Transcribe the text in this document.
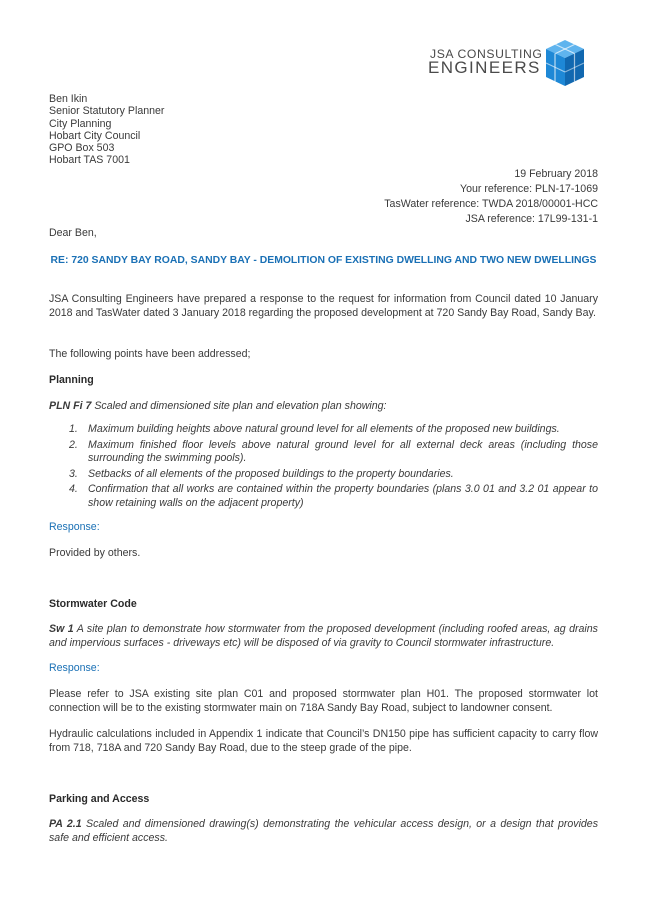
JSA CONSULTING
ENGINEERS
Ben Ikin
Senior Statutory Planner
City Planning
Hobart City Council
GPO Box 503
Hobart TAS 7001
19 February 2018
Your reference: PLN-17-1069
TasWater reference: TWDA 2018/00001-HCC
JSA reference: 17L99-131-1
Dear Ben,
RE: 720 SANDY BAY ROAD, SANDY BAY - DEMOLITION OF EXISTING DWELLING AND TWO NEW DWELLINGS
JSA Consulting Engineers have prepared a response to the request for information from Council dated 10 January 2018 and TasWater dated 3 January 2018 regarding the proposed development at 720 Sandy Bay Road, Sandy Bay.
The following points have been addressed;
Planning
PLN Fi 7 Scaled and dimensioned site plan and elevation plan showing:
1. Maximum building heights above natural ground level for all elements of the proposed new buildings.
2. Maximum finished floor levels above natural ground level for all external deck areas (including those surrounding the swimming pools).
3. Setbacks of all elements of the proposed buildings to the property boundaries.
4. Confirmation that all works are contained within the property boundaries (plans 3.0 01 and 3.2 01 appear to show retaining walls on the adjacent property)
Response:
Provided by others.
Stormwater Code
Sw 1 A site plan to demonstrate how stormwater from the proposed development (including roofed areas, ag drains and impervious surfaces - driveways etc) will be disposed of via gravity to Council stormwater infrastructure.
Response:
Please refer to JSA existing site plan C01 and proposed stormwater plan H01. The proposed stormwater lot connection will be to the existing stormwater main on 718A Sandy Bay Road, subject to landowner consent.
Hydraulic calculations included in Appendix 1 indicate that Council’s DN150 pipe has sufficient capacity to carry flow from 718, 718A and 720 Sandy Bay Road, due to the steep grade of the pipe.
Parking and Access
PA 2.1 Scaled and dimensioned drawing(s) demonstrating the vehicular access design, or a design that provides safe and efficient access.
